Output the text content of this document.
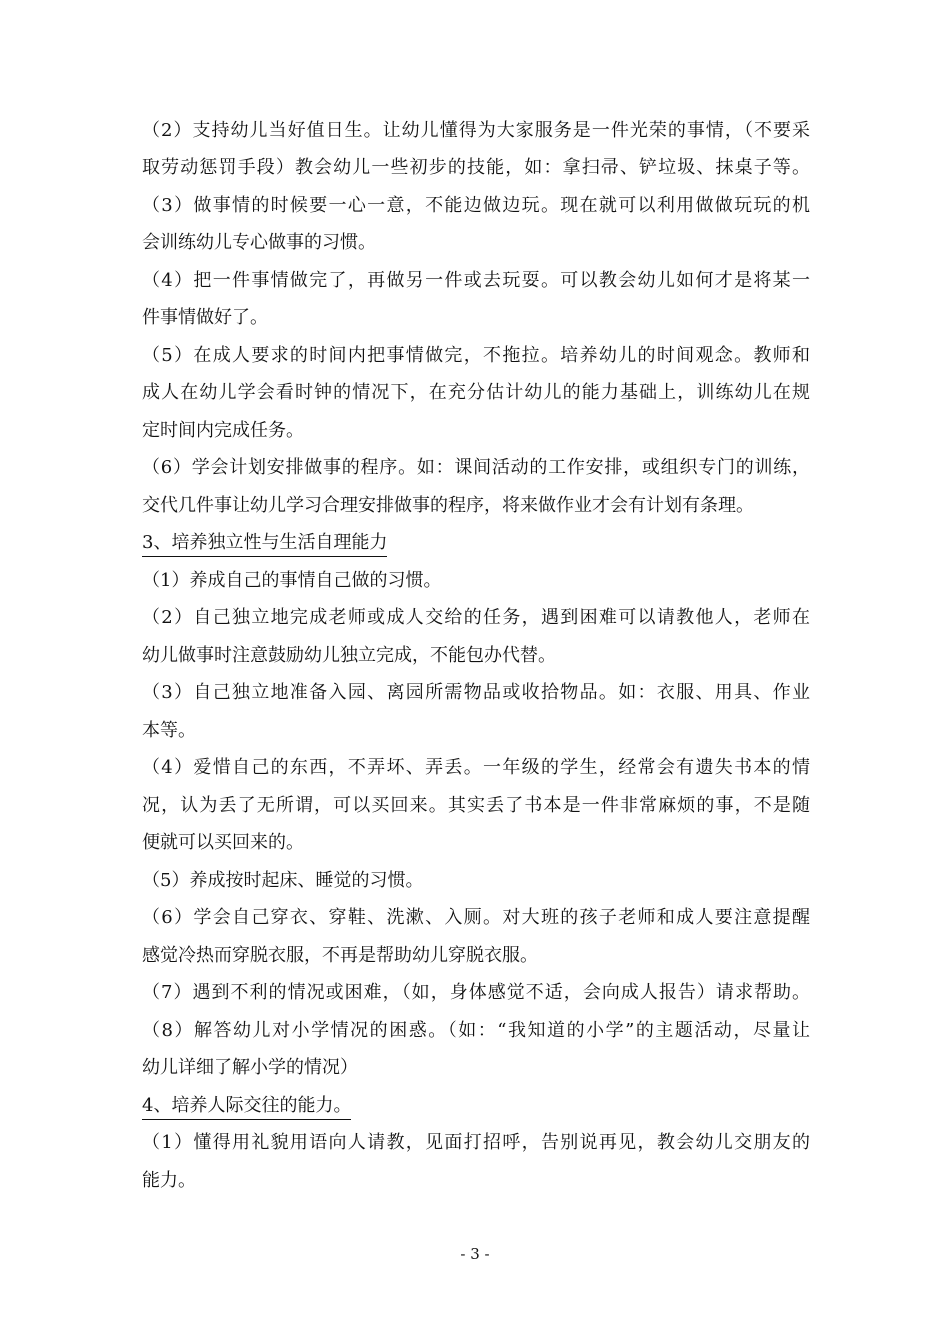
（2）支持幼儿当好值日生。让幼儿懂得为大家服务是一件光荣的事情，（不要采
取劳动惩罚手段）教会幼儿一些初步的技能，如：拿扫帚、铲垃圾、抹桌子等。
（3）做事情的时候要一心一意，不能边做边玩。现在就可以利用做做玩玩的机
会训练幼儿专心做事的习惯。
（4）把一件事情做完了，再做另一件或去玩耍。可以教会幼儿如何才是将某一
件事情做好了。
（5）在成人要求的时间内把事情做完，不拖拉。培养幼儿的时间观念。教师和
成人在幼儿学会看时钟的情况下，在充分估计幼儿的能力基础上，训练幼儿在规
定时间内完成任务。
（6）学会计划安排做事的程序。如：课间活动的工作安排，或组织专门的训练，
交代几件事让幼儿学习合理安排做事的程序，将来做作业才会有计划有条理。
3、培养独立性与生活自理能力
（1）养成自己的事情自己做的习惯。
（2）自己独立地完成老师或成人交给的任务，遇到困难可以请教他人，老师在
幼儿做事时注意鼓励幼儿独立完成，不能包办代替。
（3）自己独立地准备入园、离园所需物品或收拾物品。如：衣服、用具、作业
本等。
（4）爱惜自己的东西，不弄坏、弄丢。一年级的学生，经常会有遗失书本的情
况，认为丢了无所谓，可以买回来。其实丢了书本是一件非常麻烦的事，不是随
便就可以买回来的。
（5）养成按时起床、睡觉的习惯。
（6）学会自己穿衣、穿鞋、洗漱、入厕。对大班的孩子老师和成人要注意提醒
感觉冷热而穿脱衣服，不再是帮助幼儿穿脱衣服。
（7）遇到不利的情况或困难，（如，身体感觉不适，会向成人报告）请求帮助。
（8）解答幼儿对小学情况的困惑。（如：“我知道的小学”的主题活动，尽量让
幼儿详细了解小学的情况）
4、培养人际交往的能力。
（1）懂得用礼貌用语向人请教，见面打招呼，告别说再见，教会幼儿交朋友的
能力。
- 3 -
